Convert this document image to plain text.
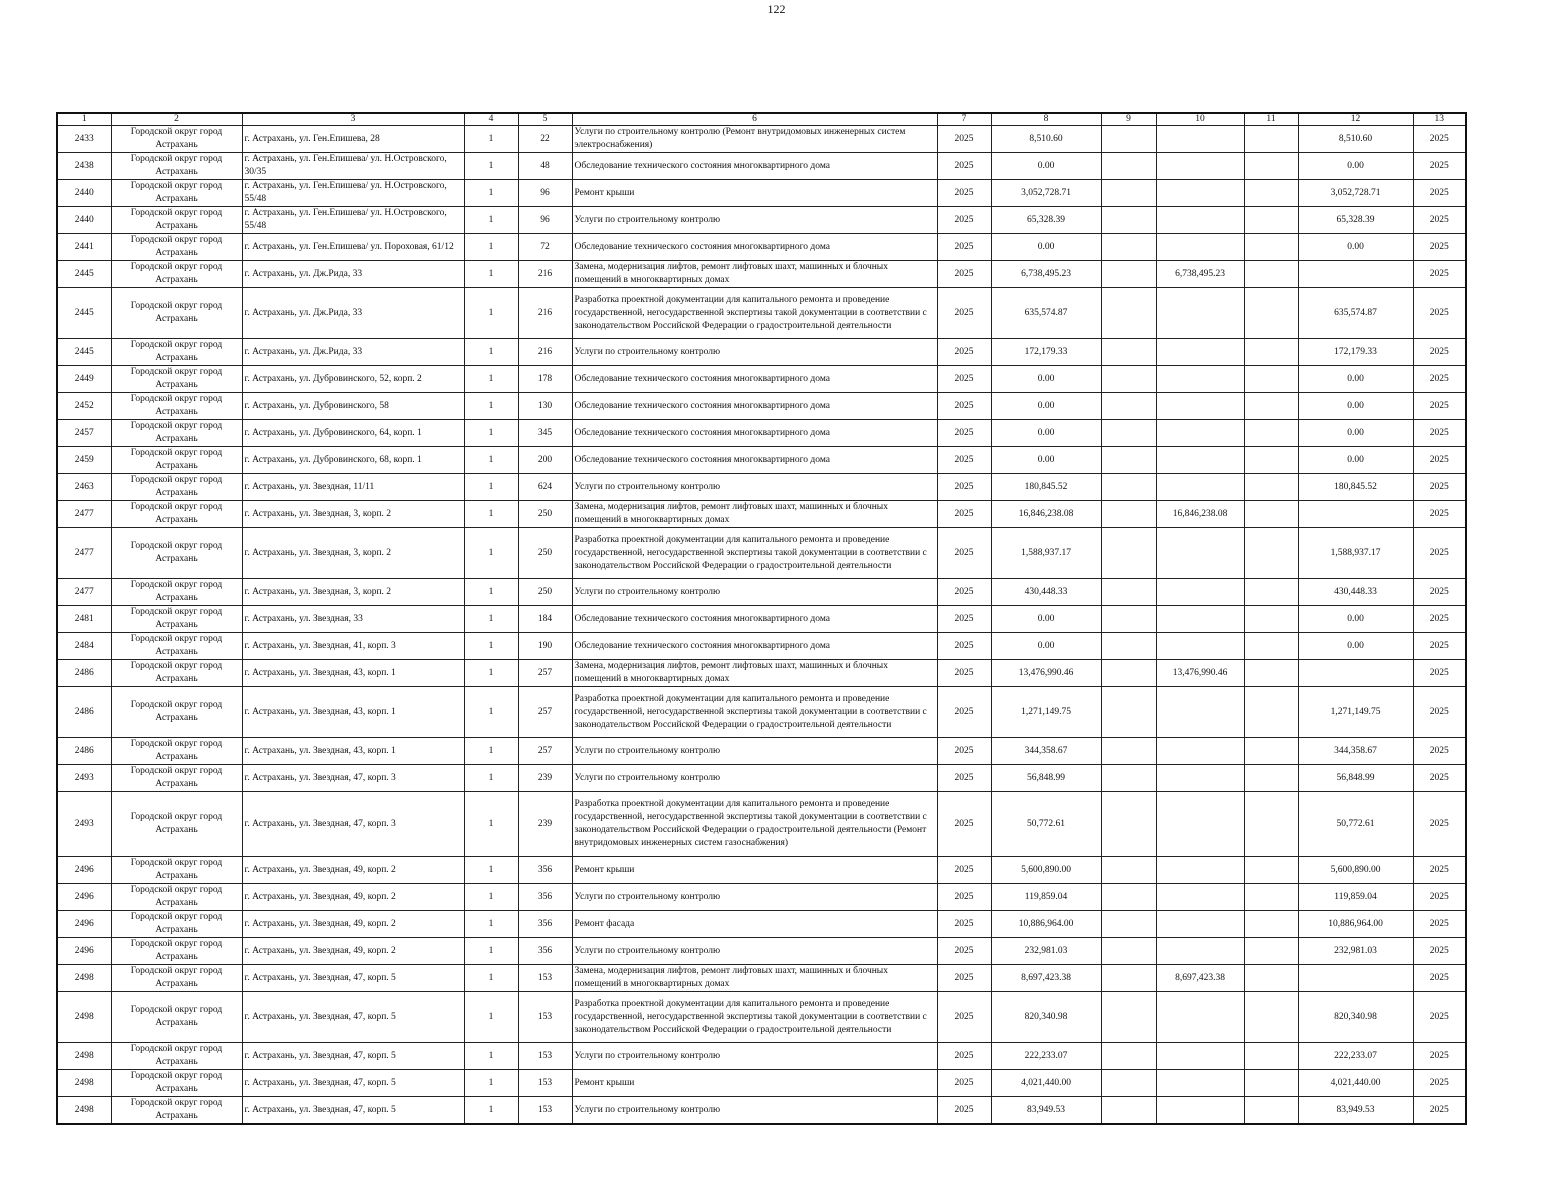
122
1	2	3	4	5	6	7	8	9	10	11	12	13
2433	Городской округ город Астрахань	г. Астрахань, ул. Ген.Епишева, 28	1	22	Услуги по строительному контролю (Ремонт внутридомовых инженерных систем электроснабжения)	2025	8,510.60				8,510.60	2025
2438	Городской округ город Астрахань	г. Астрахань, ул. Ген.Епишева/ ул. Н.Островского, 30/35	1	48	Обследование технического состояния многоквартирного дома	2025	0.00				0.00	2025
2440	Городской округ город Астрахань	г. Астрахань, ул. Ген.Епишева/ ул. Н.Островского, 55/48	1	96	Ремонт крыши	2025	3,052,728.71				3,052,728.71	2025
2440	Городской округ город Астрахань	г. Астрахань, ул. Ген.Епишева/ ул. Н.Островского, 55/48	1	96	Услуги по строительному контролю	2025	65,328.39				65,328.39	2025
2441	Городской округ город Астрахань	г. Астрахань, ул. Ген.Епишева/ ул. Пороховая, 61/12	1	72	Обследование технического состояния многоквартирного дома	2025	0.00				0.00	2025
2445	Городской округ город Астрахань	г. Астрахань, ул. Дж.Рида, 33	1	216	Замена, модернизация лифтов, ремонт лифтовых шахт, машинных и блочных помещений в многоквартирных домах	2025	6,738,495.23		6,738,495.23			2025
2445	Городской округ город Астрахань	г. Астрахань, ул. Дж.Рида, 33	1	216	Разработка проектной документации для капитального ремонта и проведение государственной, негосударственной экспертизы такой документации в соответствии с законодательством Российской Федерации о градостроительной деятельности	2025	635,574.87				635,574.87	2025
2445	Городской округ город Астрахань	г. Астрахань, ул. Дж.Рида, 33	1	216	Услуги по строительному контролю	2025	172,179.33				172,179.33	2025
2449	Городской округ город Астрахань	г. Астрахань, ул. Дубровинского, 52, корп. 2	1	178	Обследование технического состояния многоквартирного дома	2025	0.00				0.00	2025
2452	Городской округ город Астрахань	г. Астрахань, ул. Дубровинского, 58	1	130	Обследование технического состояния многоквартирного дома	2025	0.00				0.00	2025
2457	Городской округ город Астрахань	г. Астрахань, ул. Дубровинского, 64, корп. 1	1	345	Обследование технического состояния многоквартирного дома	2025	0.00				0.00	2025
2459	Городской округ город Астрахань	г. Астрахань, ул. Дубровинского, 68, корп. 1	1	200	Обследование технического состояния многоквартирного дома	2025	0.00				0.00	2025
2463	Городской округ город Астрахань	г. Астрахань, ул. Звездная, 11/11	1	624	Услуги по строительному контролю	2025	180,845.52				180,845.52	2025
2477	Городской округ город Астрахань	г. Астрахань, ул. Звездная, 3, корп. 2	1	250	Замена, модернизация лифтов, ремонт лифтовых шахт, машинных и блочных помещений в многоквартирных домах	2025	16,846,238.08		16,846,238.08			2025
2477	Городской округ город Астрахань	г. Астрахань, ул. Звездная, 3, корп. 2	1	250	Разработка проектной документации для капитального ремонта и проведение государственной, негосударственной экспертизы такой документации в соответствии с законодательством Российской Федерации о градостроительной деятельности	2025	1,588,937.17				1,588,937.17	2025
2477	Городской округ город Астрахань	г. Астрахань, ул. Звездная, 3, корп. 2	1	250	Услуги по строительному контролю	2025	430,448.33				430,448.33	2025
2481	Городской округ город Астрахань	г. Астрахань, ул. Звездная, 33	1	184	Обследование технического состояния многоквартирного дома	2025	0.00				0.00	2025
2484	Городской округ город Астрахань	г. Астрахань, ул. Звездная, 41, корп. 3	1	190	Обследование технического состояния многоквартирного дома	2025	0.00				0.00	2025
2486	Городской округ город Астрахань	г. Астрахань, ул. Звездная, 43, корп. 1	1	257	Замена, модернизация лифтов, ремонт лифтовых шахт, машинных и блочных помещений в многоквартирных домах	2025	13,476,990.46		13,476,990.46			2025
2486	Городской округ город Астрахань	г. Астрахань, ул. Звездная, 43, корп. 1	1	257	Разработка проектной документации для капитального ремонта и проведение государственной, негосударственной экспертизы такой документации в соответствии с законодательством Российской Федерации о градостроительной деятельности	2025	1,271,149.75				1,271,149.75	2025
2486	Городской округ город Астрахань	г. Астрахань, ул. Звездная, 43, корп. 1	1	257	Услуги по строительному контролю	2025	344,358.67				344,358.67	2025
2493	Городской округ город Астрахань	г. Астрахань, ул. Звездная, 47, корп. 3	1	239	Услуги по строительному контролю	2025	56,848.99				56,848.99	2025
2493	Городской округ город Астрахань	г. Астрахань, ул. Звездная, 47, корп. 3	1	239	Разработка проектной документации для капитального ремонта и проведение государственной, негосударственной экспертизы такой документации в соответствии с законодательством Российской Федерации о градостроительной деятельности (Ремонт внутридомовых инженерных систем газоснабжения)	2025	50,772.61				50,772.61	2025
2496	Городской округ город Астрахань	г. Астрахань, ул. Звездная, 49, корп. 2	1	356	Ремонт крыши	2025	5,600,890.00				5,600,890.00	2025
2496	Городской округ город Астрахань	г. Астрахань, ул. Звездная, 49, корп. 2	1	356	Услуги по строительному контролю	2025	119,859.04				119,859.04	2025
2496	Городской округ город Астрахань	г. Астрахань, ул. Звездная, 49, корп. 2	1	356	Ремонт фасада	2025	10,886,964.00				10,886,964.00	2025
2496	Городской округ город Астрахань	г. Астрахань, ул. Звездная, 49, корп. 2	1	356	Услуги по строительному контролю	2025	232,981.03				232,981.03	2025
2498	Городской округ город Астрахань	г. Астрахань, ул. Звездная, 47, корп. 5	1	153	Замена, модернизация лифтов, ремонт лифтовых шахт, машинных и блочных помещений в многоквартирных домах	2025	8,697,423.38		8,697,423.38			2025
2498	Городской округ город Астрахань	г. Астрахань, ул. Звездная, 47, корп. 5	1	153	Разработка проектной документации для капитального ремонта и проведение государственной, негосударственной экспертизы такой документации в соответствии с законодательством Российской Федерации о градостроительной деятельности	2025	820,340.98				820,340.98	2025
2498	Городской округ город Астрахань	г. Астрахань, ул. Звездная, 47, корп. 5	1	153	Услуги по строительному контролю	2025	222,233.07				222,233.07	2025
2498	Городской округ город Астрахань	г. Астрахань, ул. Звездная, 47, корп. 5	1	153	Ремонт крыши	2025	4,021,440.00				4,021,440.00	2025
2498	Городской округ город Астрахань	г. Астрахань, ул. Звездная, 47, корп. 5	1	153	Услуги по строительному контролю	2025	83,949.53				83,949.53	2025
